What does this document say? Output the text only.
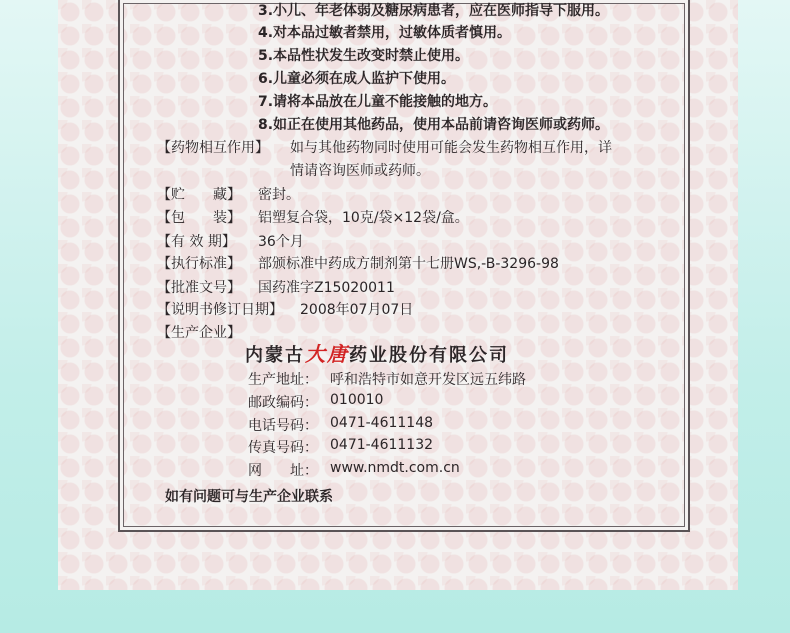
3.小儿、年老体弱及糖尿病患者，应在医师指导下服用。
4.对本品过敏者禁用，过敏体质者慎用。
5.本品性状发生改变时禁止使用。
6.儿童必须在成人监护下使用。
7.请将本品放在儿童不能接触的地方。
8.如正在使用其他药品，使用本品前请咨询医师或药师。
【药物相互作用】 如与其他药物同时使用可能会发生药物相互作用，详
情请咨询医师或药师。
【贮　　藏】 密封。
【包　　装】 铝塑复合袋，10克/袋×12袋/盒。
【有 效 期】 36个月
【执行标准】 部颁标准中药成方制剂第十七册WS,-B-3296-98
【批准文号】 国药准字Z15020011
【说明书修订日期】 2008年07月07日
【生产企业】
内蒙古大唐药业股份有限公司
生产地址： 呼和浩特市如意开发区远五纬路
邮政编码： 010010
电话号码： 0471-4611148
传真号码： 0471-4611132
网　　址： www.nmdt.com.cn
如有问题可与生产企业联系
